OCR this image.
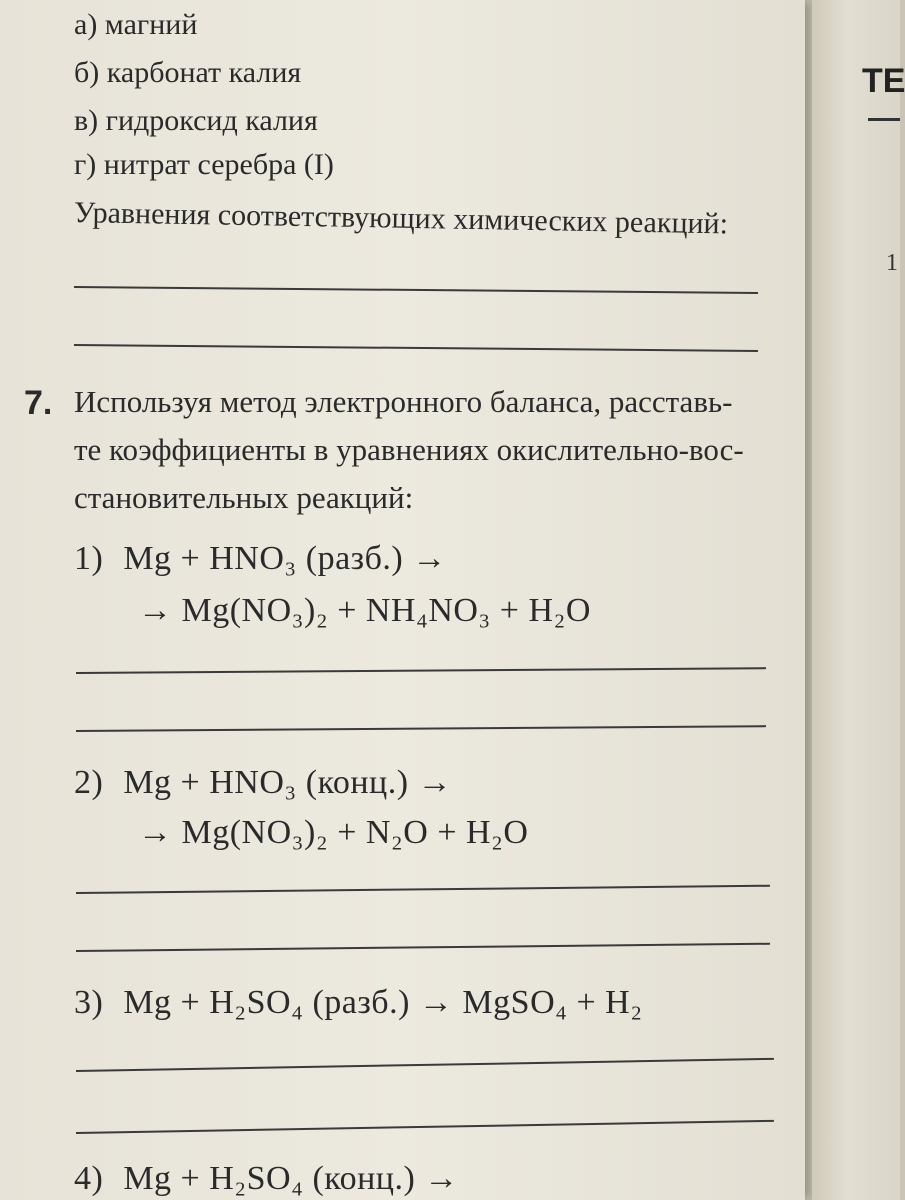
а) магний
б) карбонат калия
в) гидроксид калия
г) нитрат серебра (I)
Уравнения соответствующих химических реакций:
7. Используя метод электронного баланса, расставь-
те коэффициенты в уравнениях окислительно-вос-
становительных реакций:
1) Mg + HNO₃ (разб.) →
→ Mg(NO₃)₂ + NH₄NO₃ + H₂O
2) Mg + HNO₃ (конц.) →
→ Mg(NO₃)₂ + N₂O + H₂O
3) Mg + H₂SO₄ (разб.) → MgSO₄ + H₂
4) Mg + H₂SO₄ (конц.) →
ТЕ
1
